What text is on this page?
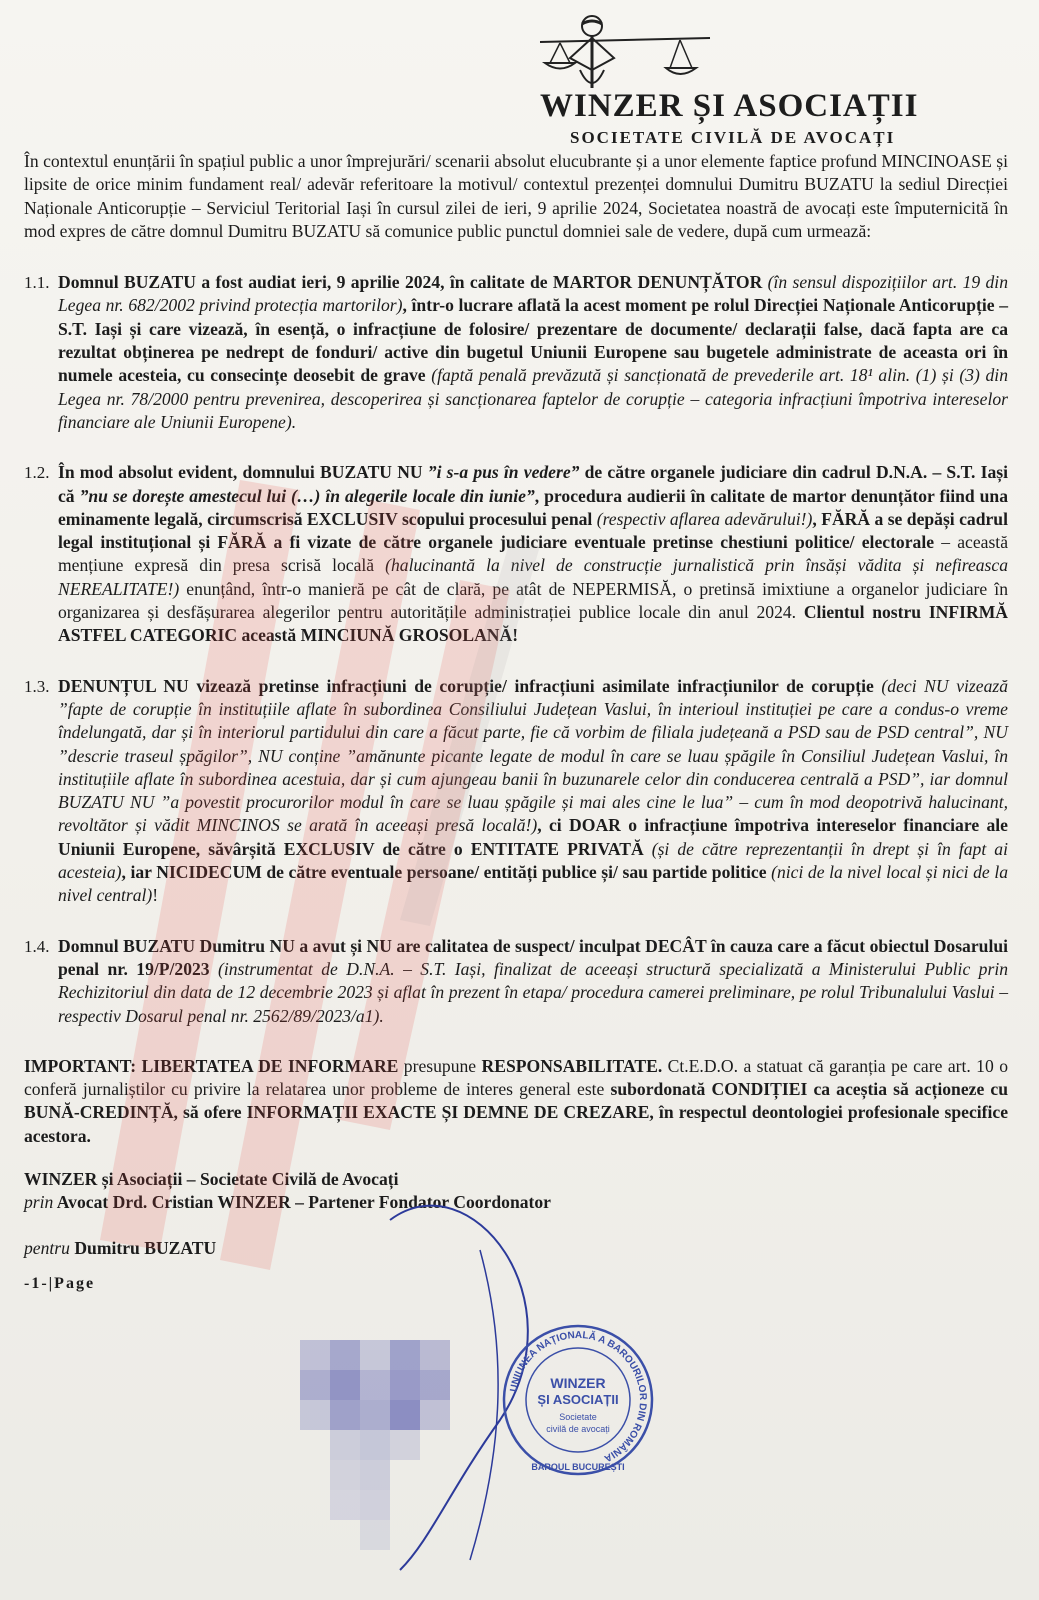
WINZER ȘI ASOCIAȚII
SOCIETATE CIVILĂ DE AVOCAȚI

În contextul enunțării în spațiul public a unor împrejurări/ scenarii absolut elucubrante și a unor elemente faptice profund MINCINOASE și lipsite de orice minim fundament real/ adevăr referitoare la motivul/ contextul prezenței domnului Dumitru BUZATU la sediul Direcției Naționale Anticorupție – Serviciul Teritorial Iași în cursul zilei de ieri, 9 aprilie 2024, Societatea noastră de avocați este împuternicită în mod expres de către domnul Dumitru BUZATU să comunice public punctul domniei sale de vedere, după cum urmează:

1.1. Domnul BUZATU a fost audiat ieri, 9 aprilie 2024, în calitate de MARTOR DENUNȚĂTOR (în sensul dispozițiilor art. 19 din Legea nr. 682/2002 privind protecția martorilor), într-o lucrare aflată la acest moment pe rolul Direcției Naționale Anticorupție – S.T. Iași și care vizează, în esență, o infracțiune de folosire/ prezentare de documente/ declarații false, dacă fapta are ca rezultat obținerea pe nedrept de fonduri/ active din bugetul Uniunii Europene sau bugetele administrate de aceasta ori în numele acesteia, cu consecințe deosebit de grave (faptă penală prevăzută și sancționată de prevederile art. 18¹ alin. (1) și (3) din Legea nr. 78/2000 pentru prevenirea, descoperirea și sancționarea faptelor de corupție – categoria infracțiuni împotriva intereselor financiare ale Uniunii Europene).
1.2. În mod absolut evident, domnului BUZATU NU ”i s-a pus în vedere” de către organele judiciare din cadrul D.N.A. – S.T. Iași că ”nu se dorește amestecul lui (…) în alegerile locale din iunie”, procedura audierii în calitate de martor denunțător fiind una eminamente legală, circumscrisă EXCLUSIV scopului procesului penal (respectiv aflarea adevărului!), FĂRĂ a se depăși cadrul legal instituțional și FĂRĂ a fi vizate de către organele judiciare eventuale pretinse chestiuni politice/ electorale – această mențiune expresă din presa scrisă locală (halucinantă la nivel de construcție jurnalistică prin însăși vădita și nefireasca NEREALITATE!) enunțând, într-o manieră pe cât de clară, pe atât de NEPERMISĂ, o pretinsă imixtiune a organelor judiciare în organizarea și desfășurarea alegerilor pentru autoritățile administrației publice locale din anul 2024. Clientul nostru INFIRMĂ ASTFEL CATEGORIC această MINCIUNĂ GROSOLANĂ!
1.3. DENUNȚUL NU vizează pretinse infracțiuni de corupție/ infracțiuni asimilate infracțiunilor de corupție (deci NU vizează ”fapte de corupție în instituțiile aflate în subordinea Consiliului Județean Vaslui, în interioul instituției pe care a condus-o vreme îndelungată, dar și în interiorul partidului din care a făcut parte, fie că vorbim de filiala județeană a PSD sau de PSD central”, NU ”descrie traseul șpăgilor”, NU conține ”amănunte picante legate de modul în care se luau șpăgile în Consiliul Județean Vaslui, în instituțiile aflate în subordinea acestuia, dar și cum ajungeau banii în buzunarele celor din conducerea centrală a PSD”, iar domnul BUZATU NU ”a povestit procurorilor modul în care se luau șpăgile și mai ales cine le lua” – cum în mod deopotrivă halucinant, revoltător și vădit MINCINOS se arată în aceeași presă locală!), ci DOAR o infracțiune împotriva intereselor financiare ale Uniunii Europene, săvârșită EXCLUSIV de către o ENTITATE PRIVATĂ (și de către reprezentanții în drept și în fapt ai acesteia), iar NICIDECUM de către eventuale persoane/ entități publice și/ sau partide politice (nici de la nivel local și nici de la nivel central)!
1.4. Domnul BUZATU Dumitru NU a avut și NU are calitatea de suspect/ inculpat DECÂT în cauza care a făcut obiectul Dosarului penal nr. 19/P/2023 (instrumentat de D.N.A. – S.T. Iași, finalizat de aceeași structură specializată a Ministerului Public prin Rechizitoriul din data de 12 decembrie 2023 și aflat în prezent în etapa/ procedura camerei preliminare, pe rolul Tribunalului Vaslui – respectiv Dosarul penal nr. 2562/89/2023/a1).

IMPORTANT: LIBERTATEA DE INFORMARE presupune RESPONSABILITATE. Ct.E.D.O. a statuat că garanția pe care art. 10 o conferă jurnaliștilor cu privire la relatarea unor probleme de interes general este subordonată CONDIȚIEI ca aceștia să acționeze cu BUNĂ-CREDINȚĂ, să ofere INFORMAȚII EXACTE ȘI DEMNE DE CREZARE, în respectul deontologiei profesionale specifice acestora.

WINZER și Asociații – Societate Civilă de Avocați
prin Avocat Drd. Cristian WINZER – Partener Fondator Coordonator

pentru Dumitru BUZATU

-1-|Page
UNIUNEA NAȚIONALĂ A BAROURILOR DIN ROMÂNIA
BAROUL BUCUREȘTI
WINZER
ȘI ASOCIAȚII
Societate
civilă de avocați
